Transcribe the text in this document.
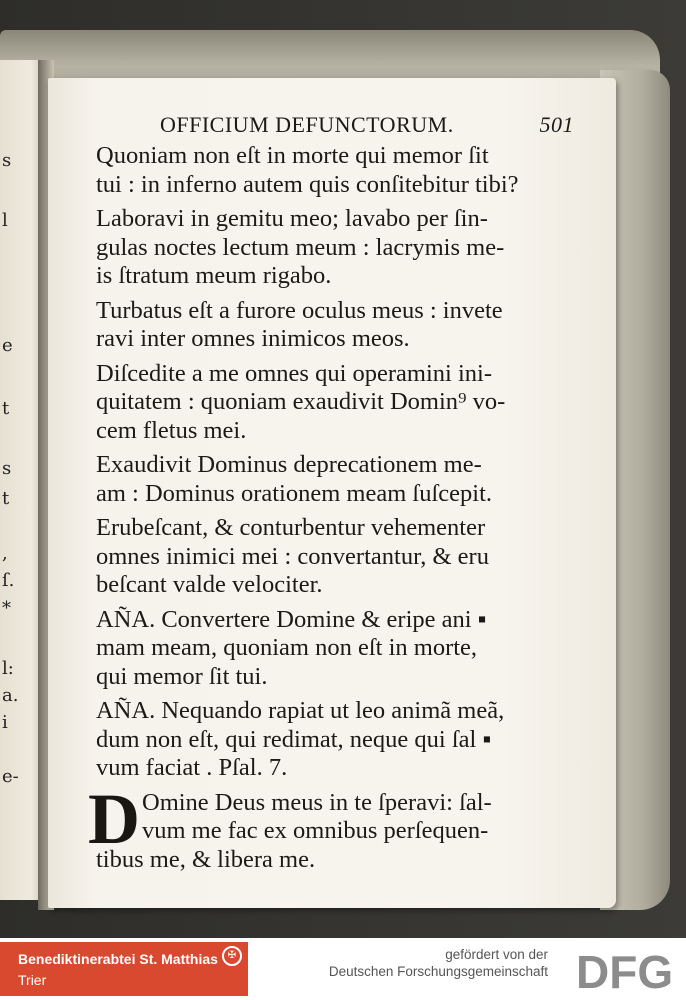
s
l
e
t
s
t
,
ſ.
*
l:
a.
i
e-
OFFICIUM DEFUNCTORUM.	501
Quoniam non eſt in morte qui memor ſit
tui : in inferno autem quis conſitebitur tibi?
Laboravi in gemitu meo; lavabo per ſin-
gulas noctes lectum meum : lacrymis me-
is ſtratum meum rigabo.
Turbatus eſt a furore oculus meus : invete
ravi inter omnes inimicos meos.
Diſcedite a me omnes qui operamini ini-
quitatem : quoniam exaudivit Domin⁹ vo-
cem fletus mei.
Exaudivit Dominus deprecationem me-
am : Dominus orationem meam ſuſcepit.
Erubeſcant, & conturbentur vehementer
omnes inimici mei : convertantur, & eru
beſcant valde velociter.
AÑA. Convertere Domine & eripe ani ▪
mam meam, quoniam non eſt in morte,
qui memor ſit tui.
AÑA. Nequando rapiat ut leo animã meã,
dum non eſt, qui redimat, neque qui ſal ▪
vum faciat . Pſal. 7.
D Omine Deus meus in te ſperavi: ſal-
vum me fac ex omnibus perſequen-
tibus me, & libera me.
Benediktinerabtei St. Matthias
Trier
✠	gefördert von der
Deutschen Forschungsgemeinschaft DFG
